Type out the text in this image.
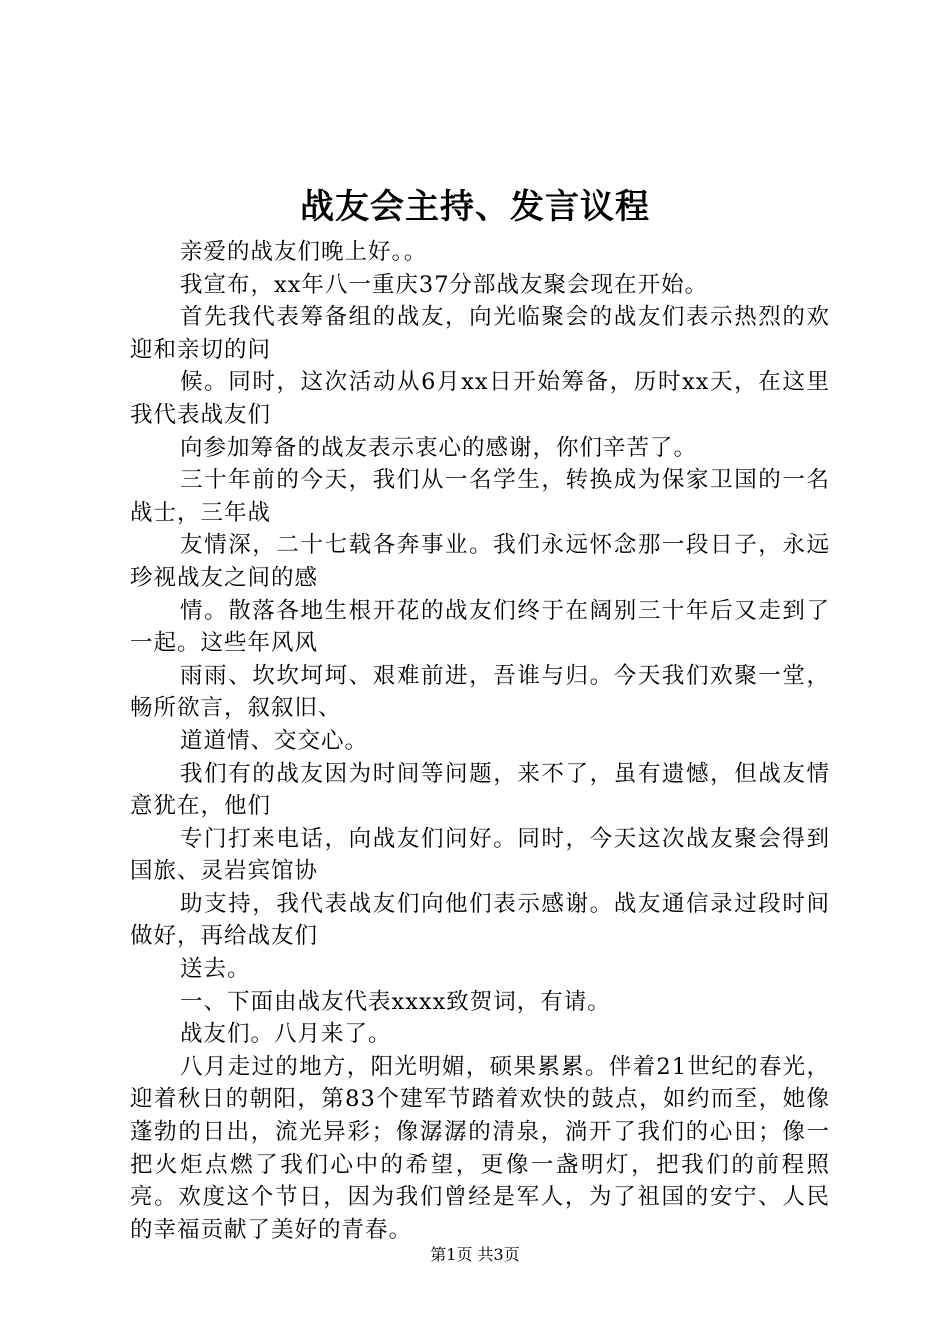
战友会主持、发言议程

亲爱的战友们晚上好。。

我宣布，xx年八一重庆37分部战友聚会现在开始。

首先我代表筹备组的战友，向光临聚会的战友们表示热烈的欢迎和亲切的问

候。同时，这次活动从6月xx日开始筹备，历时xx天，在这里我代表战友们

向参加筹备的战友表示衷心的感谢，你们辛苦了。

三十年前的今天，我们从一名学生，转换成为保家卫国的一名战士，三年战

友情深，二十七载各奔事业。我们永远怀念那一段日子，永远珍视战友之间的感

情。散落各地生根开花的战友们终于在阔别三十年后又走到了一起。这些年风风

雨雨、坎坎坷坷、艰难前进，吾谁与归。今天我们欢聚一堂，畅所欲言，叙叙旧、

道道情、交交心。

我们有的战友因为时间等问题，来不了，虽有遗憾，但战友情意犹在，他们

专门打来电话，向战友们问好。同时，今天这次战友聚会得到国旅、灵岩宾馆协

助支持，我代表战友们向他们表示感谢。战友通信录过段时间做好，再给战友们

送去。

一、下面由战友代表xxxx致贺词，有请。

战友们。八月来了。

八月走过的地方，阳光明媚，硕果累累。伴着21世纪的春光，迎着秋日的朝阳，第83个建军节踏着欢快的鼓点，如约而至，她像蓬勃的日出，流光异彩；像潺潺的清泉，淌开了我们的心田；像一把火炬点燃了我们心中的希望，更像一盏明灯，把我们的前程照亮。欢度这个节日，因为我们曾经是军人，为了祖国的安宁、人民的幸福贡献了美好的青春。

第1页 共3页
